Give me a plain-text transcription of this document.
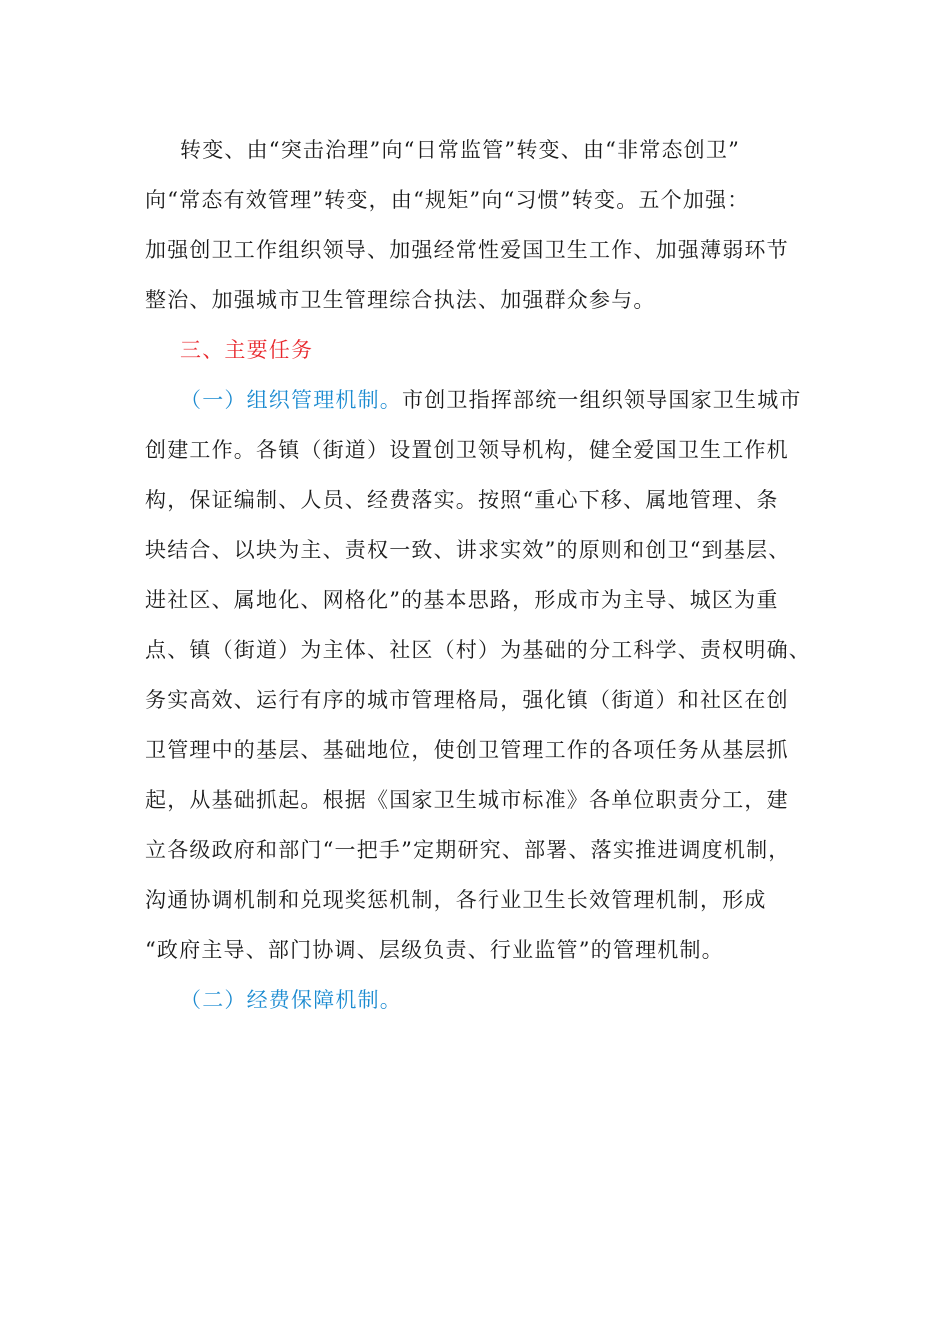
转变、由“突击治理”向“日常监管”转变、由“非常态创卫”
向“常态有效管理”转变，由“规矩”向“习惯”转变。五个加强：
加强创卫工作组织领导、加强经常性爱国卫生工作、加强薄弱环节
整治、加强城市卫生管理综合执法、加强群众参与。
三、主要任务
（一）组织管理机制。市创卫指挥部统一组织领导国家卫生城市
创建工作。各镇（街道）设置创卫领导机构，健全爱国卫生工作机
构，保证编制、人员、经费落实。按照“重心下移、属地管理、条
块结合、以块为主、责权一致、讲求实效”的原则和创卫“到基层、
进社区、属地化、网格化”的基本思路，形成市为主导、城区为重
点、镇（街道）为主体、社区（村）为基础的分工科学、责权明确、
务实高效、运行有序的城市管理格局，强化镇（街道）和社区在创
卫管理中的基层、基础地位，使创卫管理工作的各项任务从基层抓
起，从基础抓起。根据《国家卫生城市标准》各单位职责分工，建
立各级政府和部门“一把手”定期研究、部署、落实推进调度机制，
沟通协调机制和兑现奖惩机制，各行业卫生长效管理机制，形成
“政府主导、部门协调、层级负责、行业监管”的管理机制。
（二）经费保障机制。
